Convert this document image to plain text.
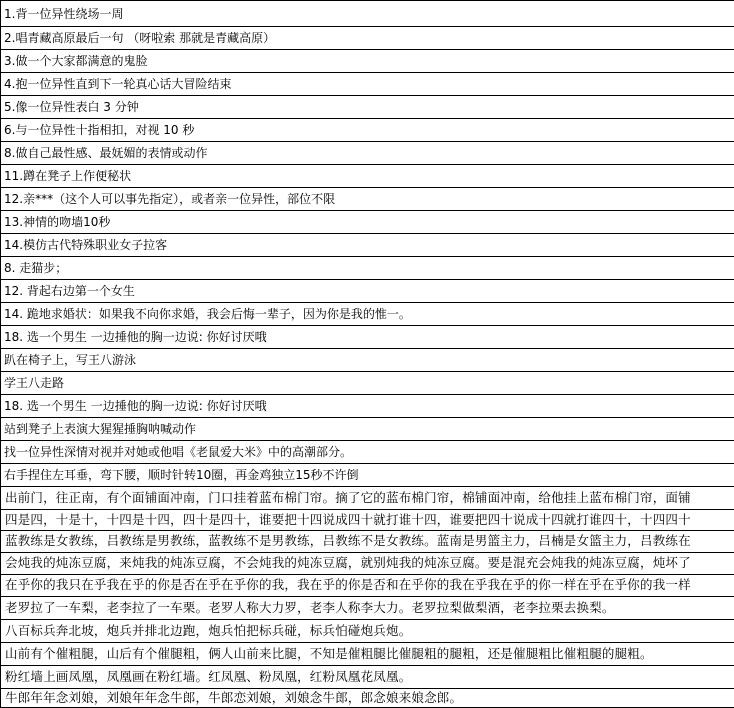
1.背一位异性绕场一周
2.唱青藏高原最后一句 （呀啦索 那就是青藏高原）
3.做一个大家都满意的鬼脸
4.抱一位异性直到下一轮真心话大冒险结束
5.像一位异性表白 3 分钟
6.与一位异性十指相扣，对视 10 秒
8.做自己最性感、最妩媚的表情或动作
11.蹲在凳子上作便秘状
12.亲***（这个人可以事先指定），或者亲一位异性，部位不限
13.神情的吻墙10秒
14.模仿古代特殊职业女子拉客
8. 走猫步；
12. 背起右边第一个女生
14. 跪地求婚状：如果我不向你求婚，我会后悔一辈子，因为你是我的惟一。
18. 选一个男生 一边捶他的胸一边说: 你好讨厌哦
趴在椅子上，写王八游泳
学王八走路
18. 选一个男生 一边捶他的胸一边说: 你好讨厌哦
站到凳子上表演大猩猩捶胸呐喊动作
找一位异性深情对视并对她或他唱《老鼠爱大米》中的高潮部分。
右手捏住左耳垂，弯下腰，顺时针转10圈，再金鸡独立15秒不许倒
出前门，往正南，有个面铺面冲南，门口挂着蓝布棉门帘。摘了它的蓝布棉门帘，棉铺面冲南，给他挂上蓝布棉门帘，面铺
四是四，十是十，十四是十四，四十是四十，谁要把十四说成四十就打谁十四，谁要把四十说成十四就打谁四十，十四四十
蓝教练是女教练，吕教练是男教练，蓝教练不是男教练，吕教练不是女教练。蓝南是男篮主力，吕楠是女篮主力，吕教练在
会炖我的炖冻豆腐，来炖我的炖冻豆腐，不会炖我的炖冻豆腐，就别炖我的炖冻豆腐。要是混充会炖我的炖冻豆腐，炖坏了
在乎你的我只在乎我在乎的你是否在乎在乎你的我，我在乎的你是否和在乎你的我在乎我在乎的你一样在乎在乎你的我一样
老罗拉了一车梨，老李拉了一车栗。老罗人称大力罗，老李人称李大力。老罗拉梨做梨酒，老李拉栗去换梨。
八百标兵奔北坡，炮兵并排北边跑，炮兵怕把标兵碰，标兵怕碰炮兵炮。
山前有个催粗腿，山后有个催腿粗，俩人山前来比腿，不知是催粗腿比催腿粗的腿粗，还是催腿粗比催粗腿的腿粗。
粉红墙上画凤凰，凤凰画在粉红墙。红凤凰、粉凤凰，红粉凤凰花凤凰。
牛郎年年念刘娘，刘娘年年念牛郎，牛郎恋刘娘，刘娘念牛郎，郎念娘来娘念郎。
